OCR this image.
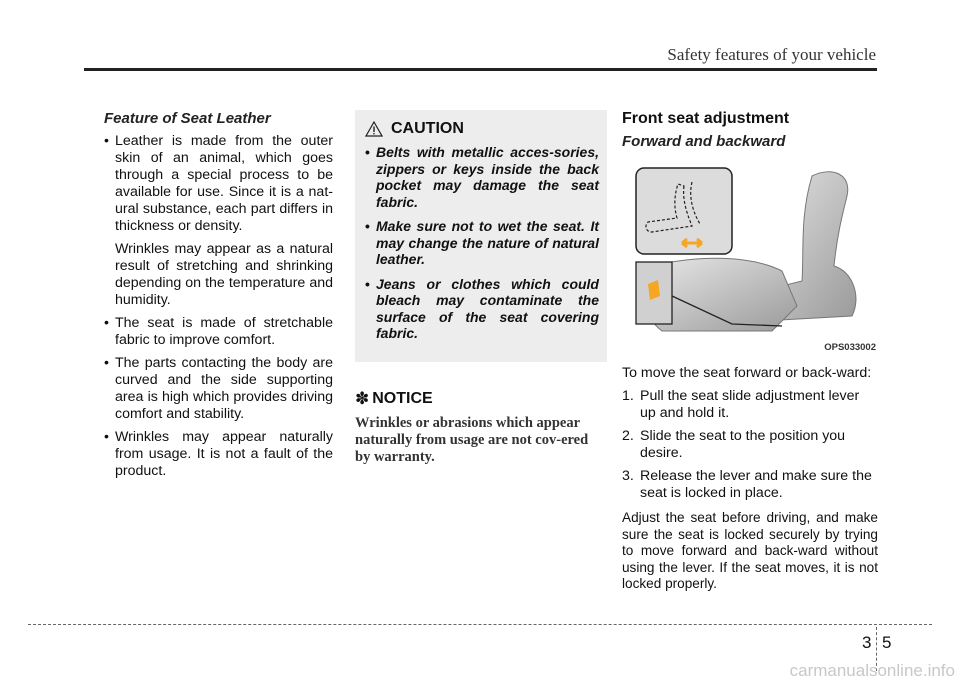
Safety features of your vehicle
Feature of Seat Leather
• Leather is made from the outer skin of an animal, which goes through a special process to be available for use. Since it is a nat-ural substance, each part differs in thickness or density.
Wrinkles may appear as a natural result of stretching and shrinking depending on the temperature and humidity.
• The seat is made of stretchable fabric to improve comfort.
• The parts contacting the body are curved and the side supporting area is high which provides driving comfort and stability.
• Wrinkles may appear naturally from usage. It is not a fault of the product.
CAUTION
• Belts with metallic acces-sories, zippers or keys inside the back pocket may damage the seat fabric.
• Make sure not to wet the seat. It may change the nature of natural leather.
• Jeans or clothes which could bleach may contaminate the surface of the seat covering fabric.
✽ NOTICE
Wrinkles or abrasions which appear naturally from usage are not cov-ered by warranty.
Front seat adjustment
Forward and backward
OPS033002

To move the seat forward or back-ward:

1. Pull the seat slide adjustment lever up and hold it.
2. Slide the seat to the position you desire.
3. Release the lever and make sure the seat is locked in place.

Adjust the seat before driving, and make sure the seat is locked securely by trying to move forward and back-ward without using the lever. If the seat moves, it is not locked properly.

3 5
carmanualsonline.info
